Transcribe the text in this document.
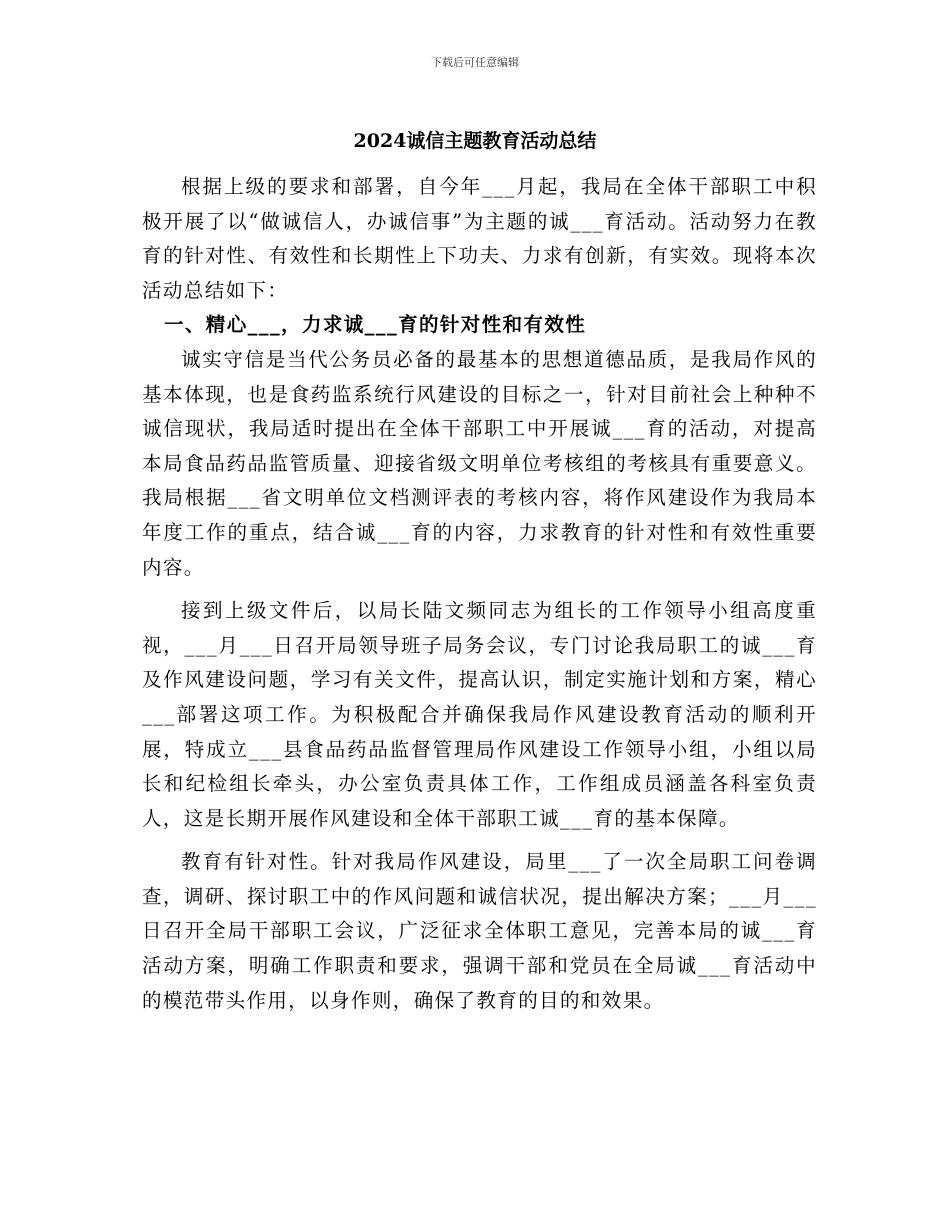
下载后可任意编辑
2024诚信主题教育活动总结

根据上级的要求和部署，自今年___月起，我局在全体干部职工中积极开展了以“做诚信人，办诚信事”为主题的诚___育活动。活动努力在教育的针对性、有效性和长期性上下功夫、力求有创新，有实效。现将本次活动总结如下：

一、精心___，力求诚___育的针对性和有效性

诚实守信是当代公务员必备的最基本的思想道德品质，是我局作风的基本体现，也是食药监系统行风建设的目标之一，针对目前社会上种种不诚信现状，我局适时提出在全体干部职工中开展诚___育的活动，对提高本局食品药品监管质量、迎接省级文明单位考核组的考核具有重要意义。我局根据___省文明单位文档测评表的考核内容，将作风建设作为我局本年度工作的重点，结合诚___育的内容，力求教育的针对性和有效性重要内容。

接到上级文件后，以局长陆文频同志为组长的工作领导小组高度重视，___月___日召开局领导班子局务会议，专门讨论我局职工的诚___育及作风建设问题，学习有关文件，提高认识，制定实施计划和方案，精心___部署这项工作。为积极配合并确保我局作风建设教育活动的顺利开展，特成立___县食品药品监督管理局作风建设工作领导小组，小组以局长和纪检组长牵头，办公室负责具体工作，工作组成员涵盖各科室负责人，这是长期开展作风建设和全体干部职工诚___育的基本保障。

教育有针对性。针对我局作风建设，局里___了一次全局职工问卷调查，调研、探讨职工中的作风问题和诚信状况，提出解决方案；___月___日召开全局干部职工会议，广泛征求全体职工意见，完善本局的诚___育活动方案，明确工作职责和要求，强调干部和党员在全局诚___育活动中的模范带头作用，以身作则，确保了教育的目的和效果。
